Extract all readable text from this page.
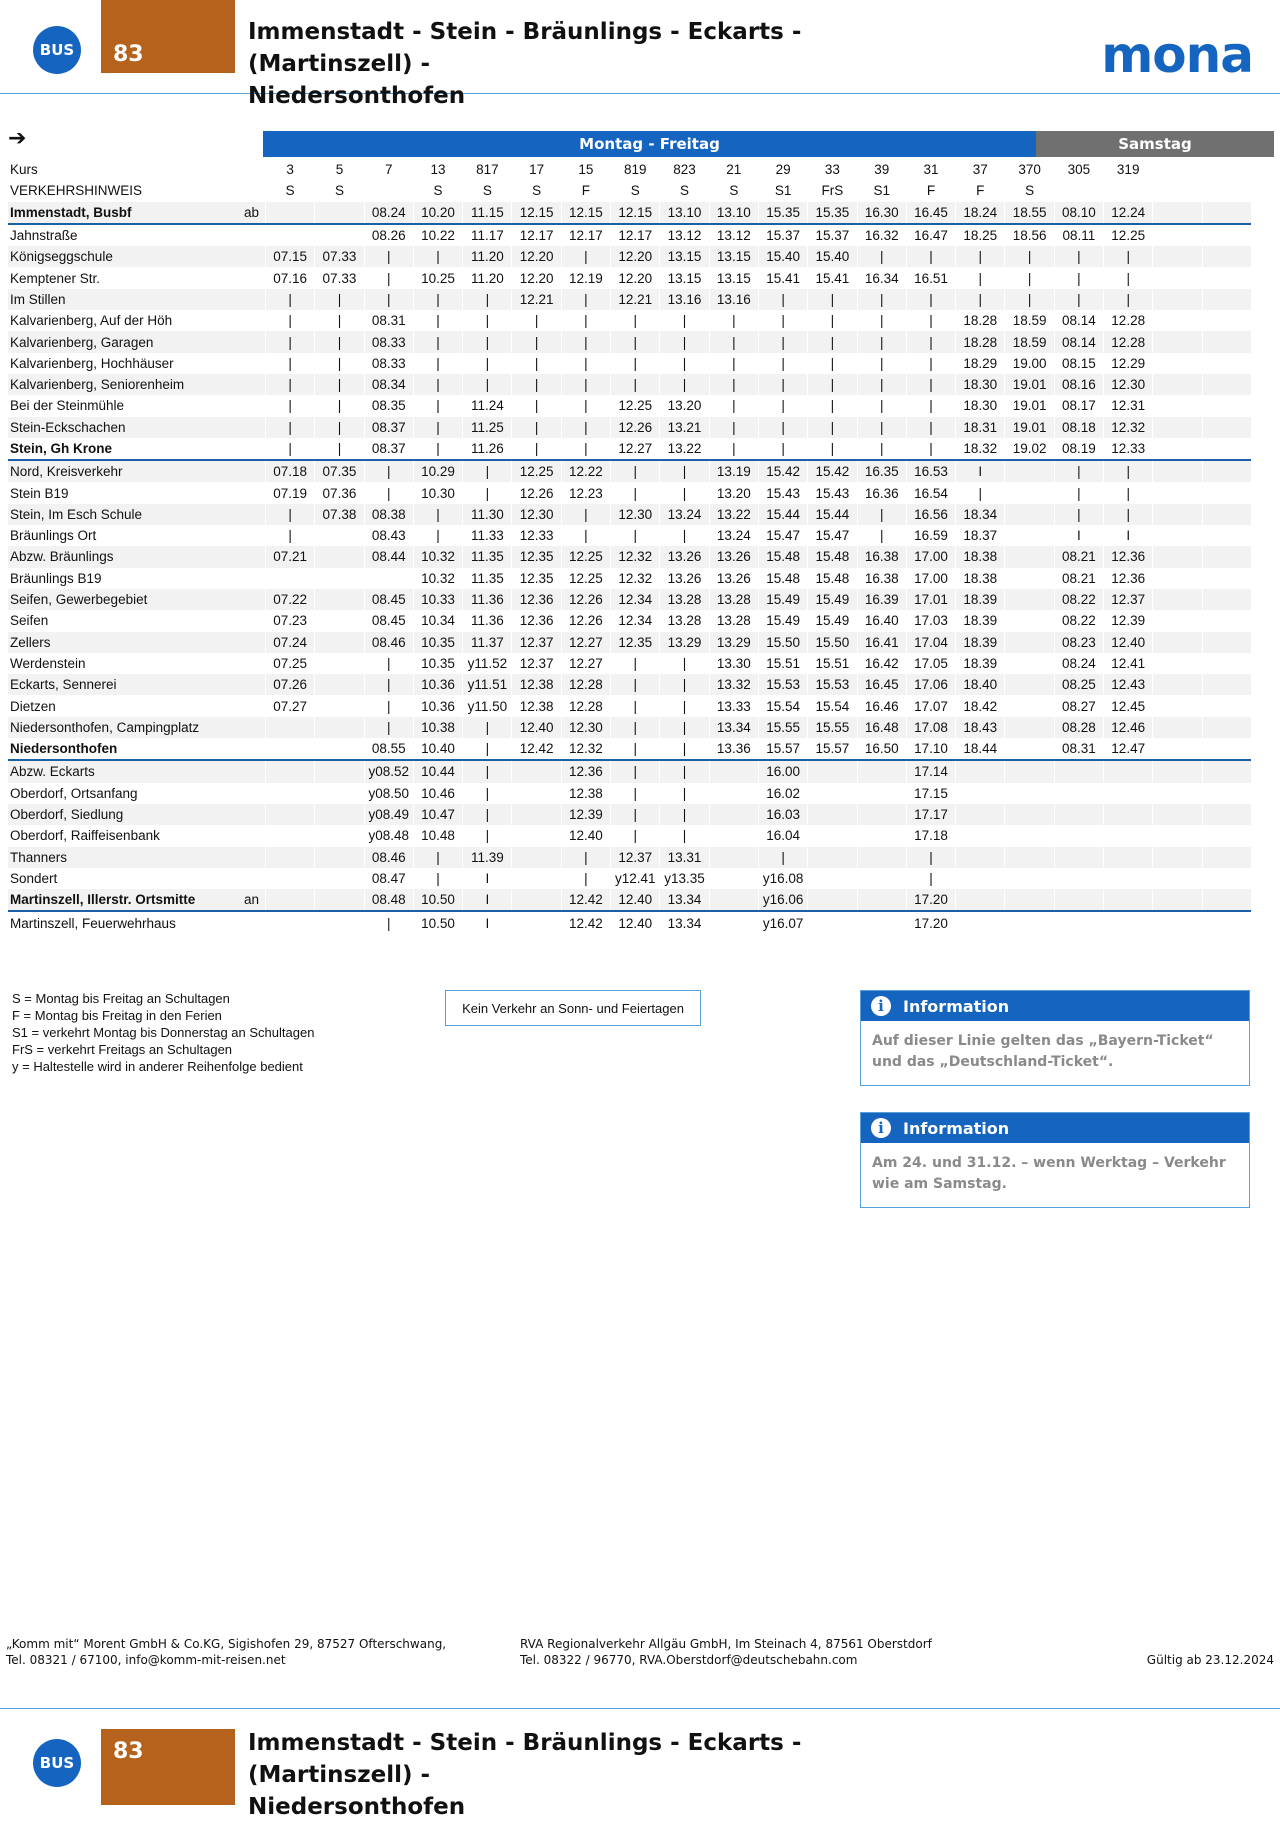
BUS	83
Immenstadt - Stein - Bräunlings - Eckarts - (Martinszell) -
Niedersonthofen
mona
➔	Montag - Freitag	Samstag
Kurs		3	5	7	13	817	17	15	819	823	21	29	33	39	31	37	370	305	319		
VERKEHRSHINWEIS		S	S		S	S	S	F	S	S	S	S1	FrS	S1	F	F	S				
Immenstadt, Busbf	ab			08.24	10.20	11.15	12.15	12.15	12.15	13.10	13.10	15.35	15.35	16.30	16.45	18.24	18.55	08.10	12.24		
Jahnstraße				08.26	10.22	11.17	12.17	12.17	12.17	13.12	13.12	15.37	15.37	16.32	16.47	18.25	18.56	08.11	12.25		
Königseggschule		07.15	07.33	|	|	11.20	12.20	|	12.20	13.15	13.15	15.40	15.40	|	|	|	|	|	|		
Kemptener Str.		07.16	07.33	|	10.25	11.20	12.20	12.19	12.20	13.15	13.15	15.41	15.41	16.34	16.51	|	|	|	|		
Im Stillen		|	|	|	|	|	12.21	|	12.21	13.16	13.16	|	|	|	|	|	|	|	|		
Kalvarienberg, Auf der Höh		|	|	08.31	|	|	|	|	|	|	|	|	|	|	|	18.28	18.59	08.14	12.28		
Kalvarienberg, Garagen		|	|	08.33	|	|	|	|	|	|	|	|	|	|	|	18.28	18.59	08.14	12.28		
Kalvarienberg, Hochhäuser		|	|	08.33	|	|	|	|	|	|	|	|	|	|	|	18.29	19.00	08.15	12.29		
Kalvarienberg, Seniorenheim		|	|	08.34	|	|	|	|	|	|	|	|	|	|	|	18.30	19.01	08.16	12.30		
Bei der Steinmühle		|	|	08.35	|	11.24	|	|	12.25	13.20	|	|	|	|	|	18.30	19.01	08.17	12.31		
Stein-Eckschachen		|	|	08.37	|	11.25	|	|	12.26	13.21	|	|	|	|	|	18.31	19.01	08.18	12.32		
Stein, Gh Krone		|	|	08.37	|	11.26	|	|	12.27	13.22	|	|	|	|	|	18.32	19.02	08.19	12.33		
Nord, Kreisverkehr		07.18	07.35	|	10.29	|	12.25	12.22	|	|	13.19	15.42	15.42	16.35	16.53	I		|	|		
Stein B19		07.19	07.36	|	10.30	|	12.26	12.23	|	|	13.20	15.43	15.43	16.36	16.54	|		|	|		
Stein, Im Esch Schule		|	07.38	08.38	|	11.30	12.30	|	12.30	13.24	13.22	15.44	15.44	|	16.56	18.34		|	|		
Bräunlings Ort		|		08.43	|	11.33	12.33	|	|	|	13.24	15.47	15.47	|	16.59	18.37		I	I		
Abzw. Bräunlings		07.21		08.44	10.32	11.35	12.35	12.25	12.32	13.26	13.26	15.48	15.48	16.38	17.00	18.38		08.21	12.36		
Bräunlings B19					10.32	11.35	12.35	12.25	12.32	13.26	13.26	15.48	15.48	16.38	17.00	18.38		08.21	12.36		
Seifen, Gewerbegebiet		07.22		08.45	10.33	11.36	12.36	12.26	12.34	13.28	13.28	15.49	15.49	16.39	17.01	18.39		08.22	12.37		
Seifen		07.23		08.45	10.34	11.36	12.36	12.26	12.34	13.28	13.28	15.49	15.49	16.40	17.03	18.39		08.22	12.39		
Zellers		07.24		08.46	10.35	11.37	12.37	12.27	12.35	13.29	13.29	15.50	15.50	16.41	17.04	18.39		08.23	12.40		
Werdenstein		07.25		|	10.35	y11.52	12.37	12.27	|	|	13.30	15.51	15.51	16.42	17.05	18.39		08.24	12.41		
Eckarts, Sennerei		07.26		|	10.36	y11.51	12.38	12.28	|	|	13.32	15.53	15.53	16.45	17.06	18.40		08.25	12.43		
Dietzen		07.27		|	10.36	y11.50	12.38	12.28	|	|	13.33	15.54	15.54	16.46	17.07	18.42		08.27	12.45		
Niedersonthofen, Campingplatz				|	10.38	|	12.40	12.30	|	|	13.34	15.55	15.55	16.48	17.08	18.43		08.28	12.46		
Niedersonthofen				08.55	10.40	|	12.42	12.32	|	|	13.36	15.57	15.57	16.50	17.10	18.44		08.31	12.47		
Abzw. Eckarts				y08.52	10.44	|		12.36	|	|		16.00			17.14						
Oberdorf, Ortsanfang				y08.50	10.46	|		12.38	|	|		16.02			17.15						
Oberdorf, Siedlung				y08.49	10.47	|		12.39	|	|		16.03			17.17						
Oberdorf, Raiffeisenbank				y08.48	10.48	|		12.40	|	|		16.04			17.18						
Thanners				08.46	|	11.39		|	12.37	13.31		|			|						
Sondert				08.47	|	I		|	y12.41	y13.35		y16.08			|						
Martinszell, Illerstr. Ortsmitte	an			08.48	10.50	I		12.42	12.40	13.34		y16.06			17.20						
Martinszell, Feuerwehrhaus				|	10.50	I		12.42	12.40	13.34		y16.07			17.20						
S = Montag bis Freitag an Schultagen
F = Montag bis Freitag in den Ferien
S1 = verkehrt Montag bis Donnerstag an Schultagen
FrS = verkehrt Freitags an Schultagen
y = Haltestelle wird in anderer Reihenfolge bedient
Kein Verkehr an Sonn- und Feiertagen	i	Information
Auf dieser Linie gelten das „Bayern-Ticket“ und das „Deutschland-Ticket“.
i	Information
Am 24. und 31.12. – wenn Werktag – Verkehr wie am Samstag.
„Komm mit“ Morent GmbH & Co.KG, Sigishofen 29, 87527 Ofterschwang,
Tel. 08321 / 67100, info@komm-mit-reisen.net
RVA Regionalverkehr Allgäu GmbH, Im Steinach 4, 87561 Oberstdorf
Tel. 08322 / 96770, RVA.Oberstdorf@deutschebahn.com	Gültig ab 23.12.2024
BUS	83	Immenstadt - Stein - Bräunlings - Eckarts - (Martinszell) -
Niedersonthofen
